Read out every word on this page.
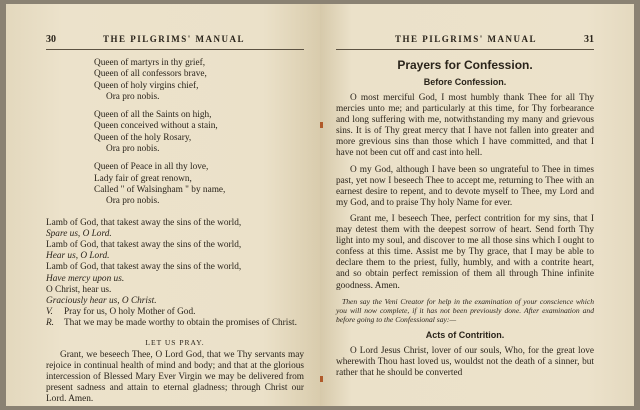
30	THE PILGRIMS' MANUAL
Queen of martyrs in thy grief,
Queen of all confessors brave,
Queen of holy virgins chief,
Ora pro nobis.
Queen of all the Saints on high,
Queen conceived without a stain,
Queen of the holy Rosary,
Ora pro nobis.
Queen of Peace in all thy love,
Lady fair of great renown,
Called " of Walsingham " by name,
Ora pro nobis.
Lamb of God, that takest away the sins of the world,
Spare us, O Lord.
Lamb of God, that takest away the sins of the world,
Hear us, O Lord.
Lamb of God, that takest away the sins of the world,
Have mercy upon us.
O Christ, hear us.
Graciously hear us, O Christ.
V.	Pray for us, O holy Mother of God.
R.	That we may be made worthy to obtain the promises of Christ.
LET US PRAY.

Grant, we beseech Thee, O Lord God, that we Thy servants may rejoice in continual health of mind and body; and that at the glorious intercession of Blessed Mary Ever Virgin we may be delivered from present sadness and attain to eternal gladness; through Christ our Lord. Amen.

THE PILGRIMS' MANUAL	31
Prayers for Confession.
Before Confession.

O most merciful God, I most humbly thank Thee for all Thy mercies unto me; and particularly at this time, for Thy forbearance and long suffering with me, notwithstanding my many and grievous sins. It is of Thy great mercy that I have not fallen into greater and more grevious sins than those which I have committed, and that I have not been cut off and cast into hell.

O my God, although I have been so ungrateful to Thee in times past, yet now I beseech Thee to accept me, returning to Thee with an earnest desire to repent, and to devote myself to Thee, my Lord and my God, and to praise Thy holy Name for ever.

Grant me, I beseech Thee, perfect contrition for my sins, that I may detest them with the deepest sorrow of heart. Send forth Thy light into my soul, and discover to me all those sins which I ought to confess at this time. Assist me by Thy grace, that I may be able to declare them to the priest, fully, humbly, and with a contrite heart, and so obtain perfect remission of them all through Thine infinite goodness. Amen.

Then say the Veni Creator for help in the examination of your conscience which you will now complete, if it has not been previously done. After examination and before going to the Confessional say:—

Acts of Contrition.

O Lord Jesus Christ, lover of our souls, Who, for the great love wherewith Thou hast loved us, wouldst not the death of a sinner, but rather that he should be converted
